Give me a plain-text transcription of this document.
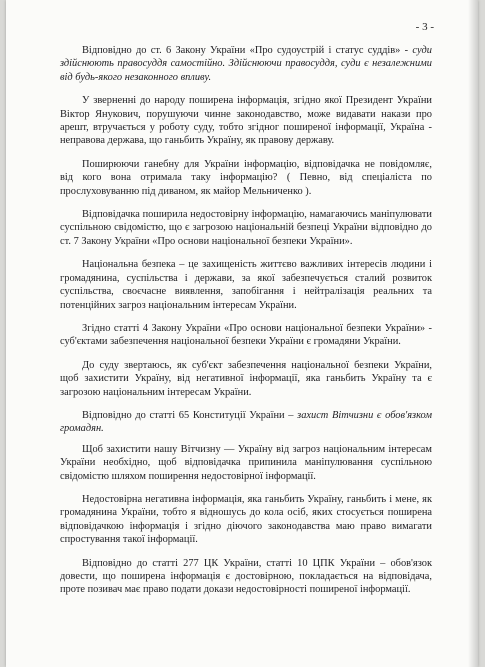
- 3 -

Відповідно до ст. 6 Закону України «Про судоустрій і статус суддів» - суди здійснюють правосуддя самостійно. Здійснюючи правосуддя, суди є незалежними від будь-якого незаконного впливу.

У зверненні до народу поширена інформація, згідно якої Президент України Віктор Янукович, порушуючи чинне законодавство, може видавати накази про арешт, втручається у роботу суду, тобто згідног поширеної інформації, Україна - неправова держава, що ганьбить Україну, як правову державу.

Поширюючи ганебну для України інформацію, відповідачка не повідомляє, від кого вона отримала таку інформацію? ( Певно, від спеціаліста по прослуховуванню під диваном, як майор Мельниченко ).

Відповідачка поширила недостовірну інформацію, намагаючись маніпулювати суспільною свідомістю, що є загрозою національній безпеці України відповідно до ст. 7 Закону України «Про основи національної безпеки України».

Національна безпека – це захищеність життєво важливих інтересів людини і громадянина, суспільства і держави, за якої забезпечується сталий розвиток суспільства, своєчасне виявлення, запобігання і нейтралізація реальних та потенційних загроз національним інтересам України.

Згідно статті 4 Закону України «Про основи національної безпеки України» - суб'єктами забезпечення національної безпеки України є громадяни України.

До суду звертаюсь, як суб'єкт забезпечення національної безпеки України, щоб захистити Україну, від негативної інформації, яка ганьбить Україну та є загрозою національним інтересам України.

Відповідно до статті 65 Конституції України – захист Вітчизни є обов'язком громадян.

Щоб захистити нашу Вітчизну — Україну від загроз національним інтересам України необхідно, щоб відповідачка припинила маніпулювання суспільною свідомістю шляхом поширення недостовірної інформації.

Недостовірна негативна інформація, яка ганьбить Україну, ганьбить і мене, як громадянина України, тобто я відношусь до кола осіб, яких стосується поширена відповідачкою інформація і згідно діючого законодавства маю право вимагати спростування такої інформації.

Відповідно до статті 277 ЦК України, статті 10 ЦПК України – обов'язок довести, що поширена інформація є достовірною, покладається на відповідача, проте позивач має право подати докази недостовірності поширеної інформації.
